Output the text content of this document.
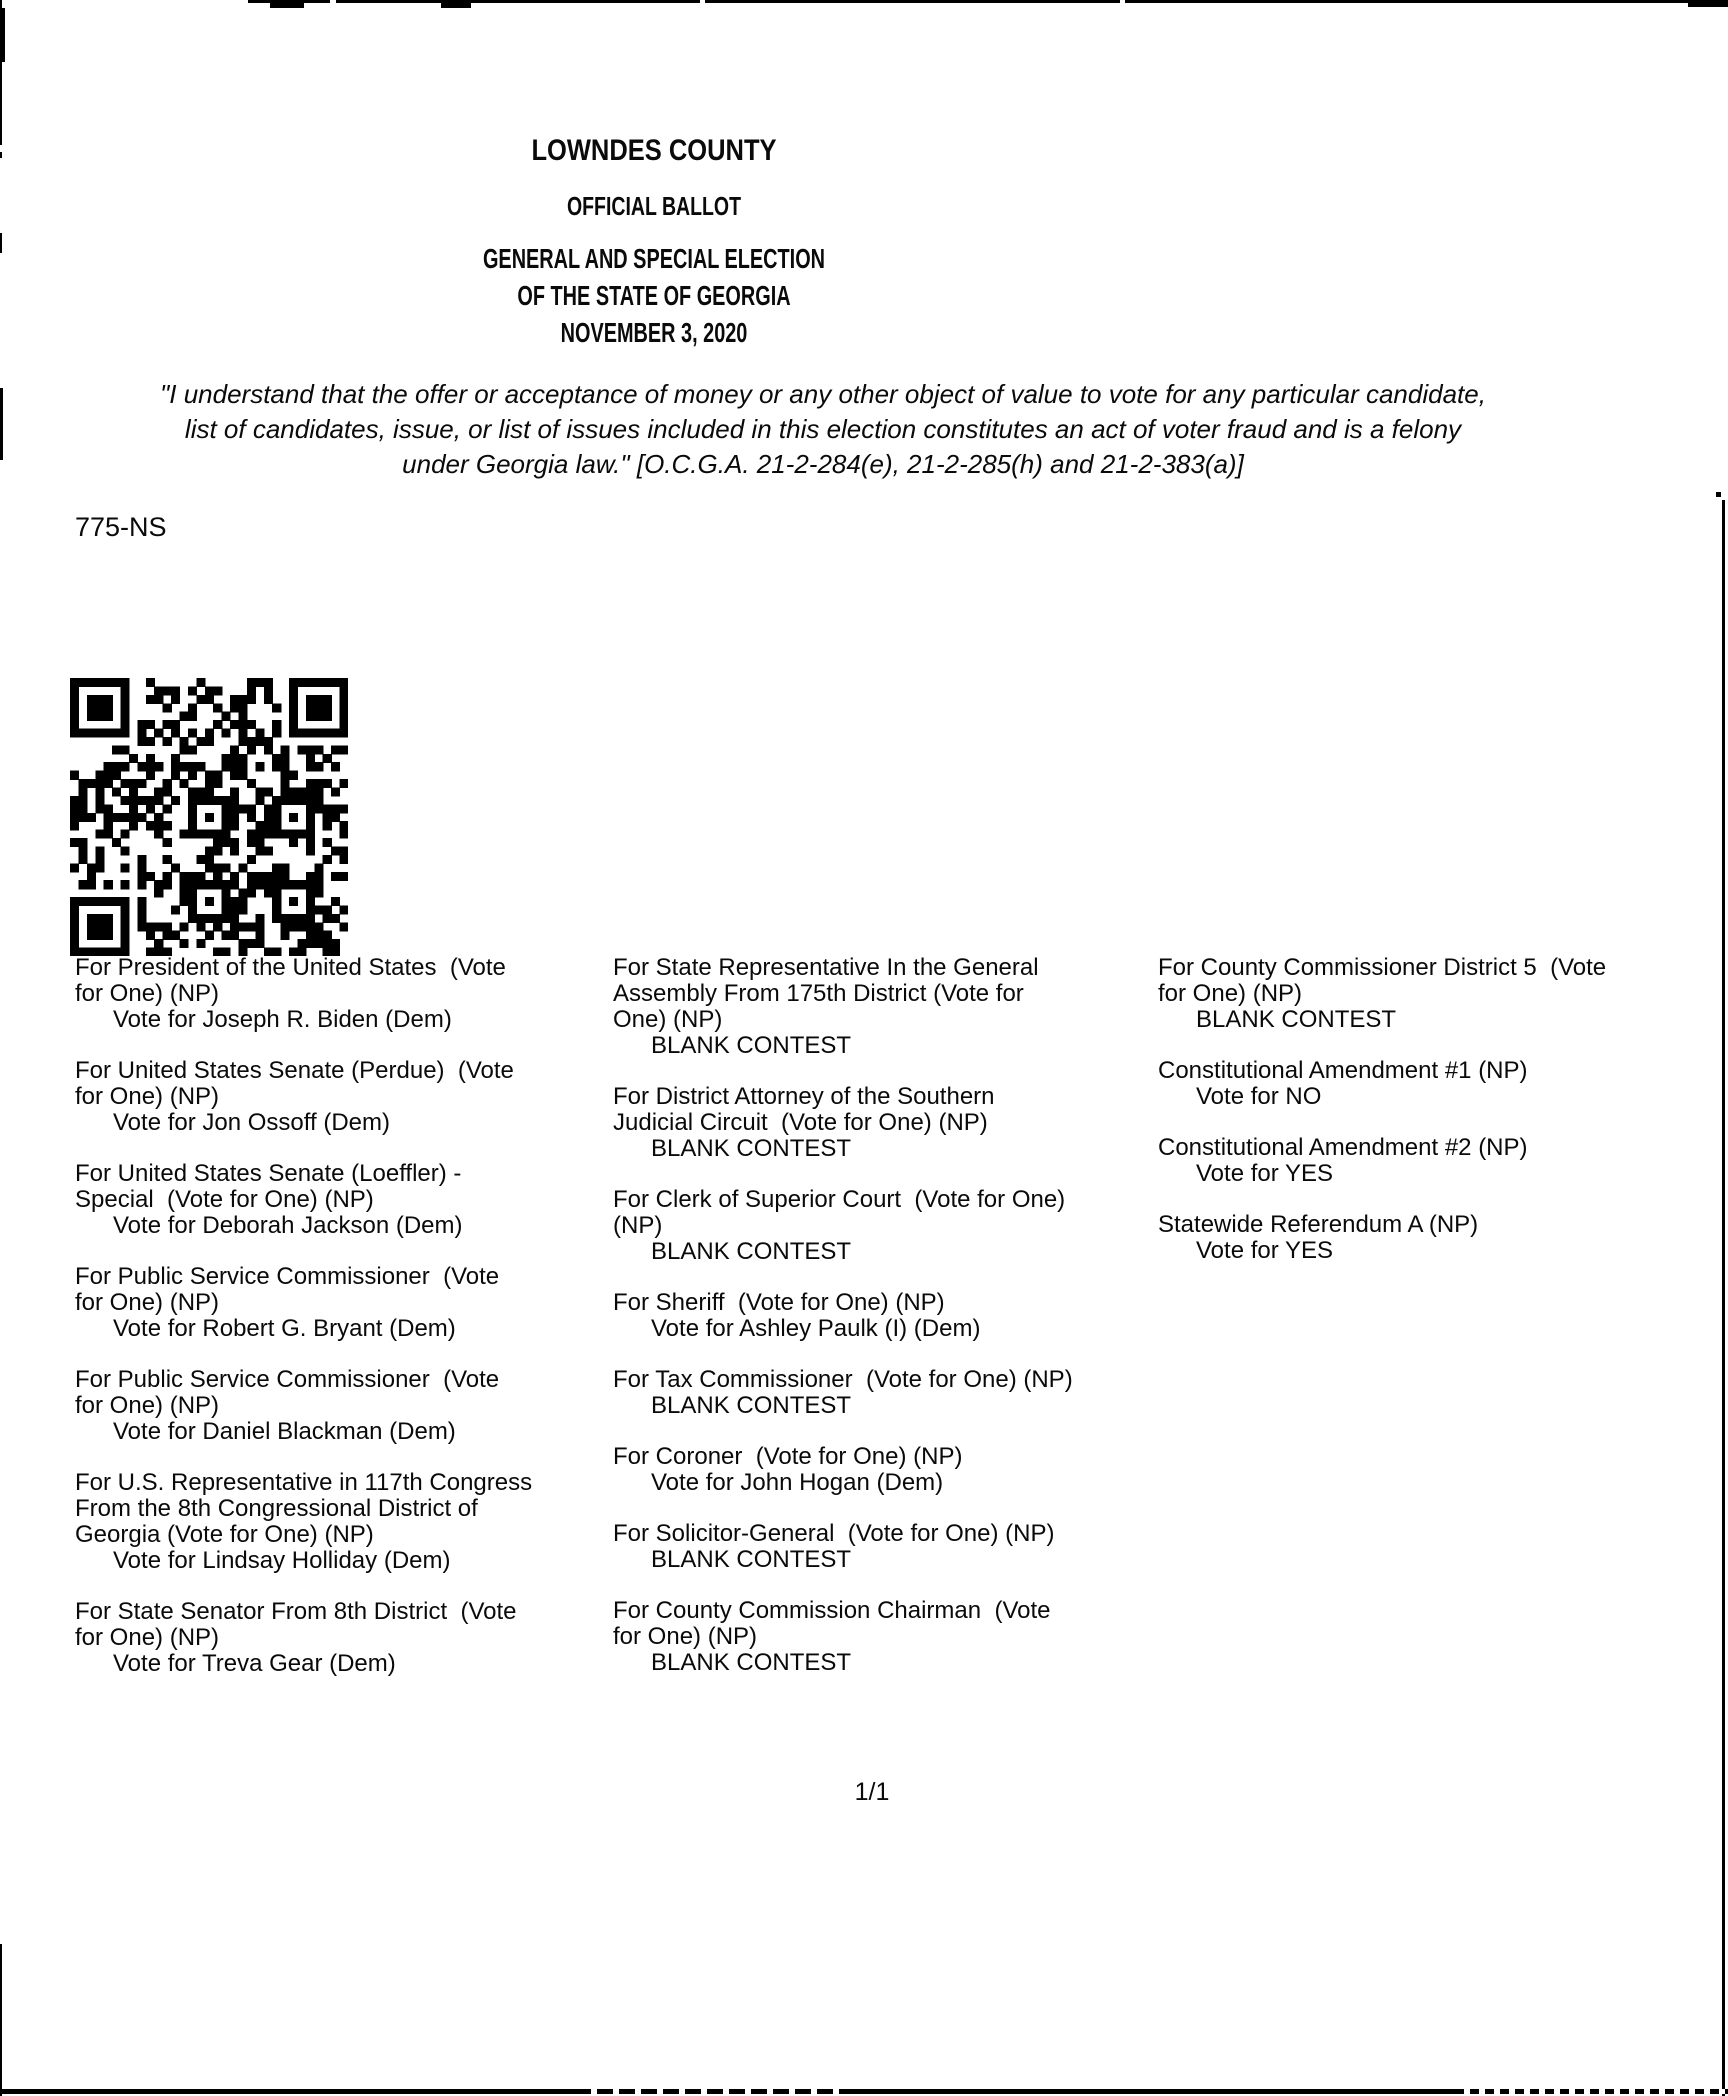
LOWNDES COUNTY
OFFICIAL BALLOT
GENERAL AND SPECIAL ELECTION
OF THE STATE OF GEORGIA
NOVEMBER 3, 2020
"I understand that the offer or acceptance of money or any other object of value to vote for any particular candidate,
list of candidates, issue, or list of issues included in this election constitutes an act of voter fraud and is a felony
under Georgia law." [O.C.G.A. 21-2-284(e), 21-2-285(h) and 21-2-383(a)]
775-NS
For President of the United States  (Vote
for One) (NP)
Vote for Joseph R. Biden (Dem)
For United States Senate (Perdue)  (Vote
for One) (NP)
Vote for Jon Ossoff (Dem)
For United States Senate (Loeffler) -
Special  (Vote for One) (NP)
Vote for Deborah Jackson (Dem)
For Public Service Commissioner  (Vote
for One) (NP)
Vote for Robert G. Bryant (Dem)
For Public Service Commissioner  (Vote
for One) (NP)
Vote for Daniel Blackman (Dem)
For U.S. Representative in 117th Congress
From the 8th Congressional District of
Georgia (Vote for One) (NP)
Vote for Lindsay Holliday (Dem)
For State Senator From 8th District  (Vote
for One) (NP)
Vote for Treva Gear (Dem)
For State Representative In the General
Assembly From 175th District (Vote for
One) (NP)
BLANK CONTEST
For District Attorney of the Southern
Judicial Circuit  (Vote for One) (NP)
BLANK CONTEST
For Clerk of Superior Court  (Vote for One)
(NP)
BLANK CONTEST
For Sheriff  (Vote for One) (NP)
Vote for Ashley Paulk (I) (Dem)
For Tax Commissioner  (Vote for One) (NP)
BLANK CONTEST
For Coroner  (Vote for One) (NP)
Vote for John Hogan (Dem)
For Solicitor-General  (Vote for One) (NP)
BLANK CONTEST
For County Commission Chairman  (Vote
for One) (NP)
BLANK CONTEST
For County Commissioner District 5  (Vote
for One) (NP)
BLANK CONTEST
Constitutional Amendment #1 (NP)
Vote for NO
Constitutional Amendment #2 (NP)
Vote for YES
Statewide Referendum A (NP)
Vote for YES
1/1
